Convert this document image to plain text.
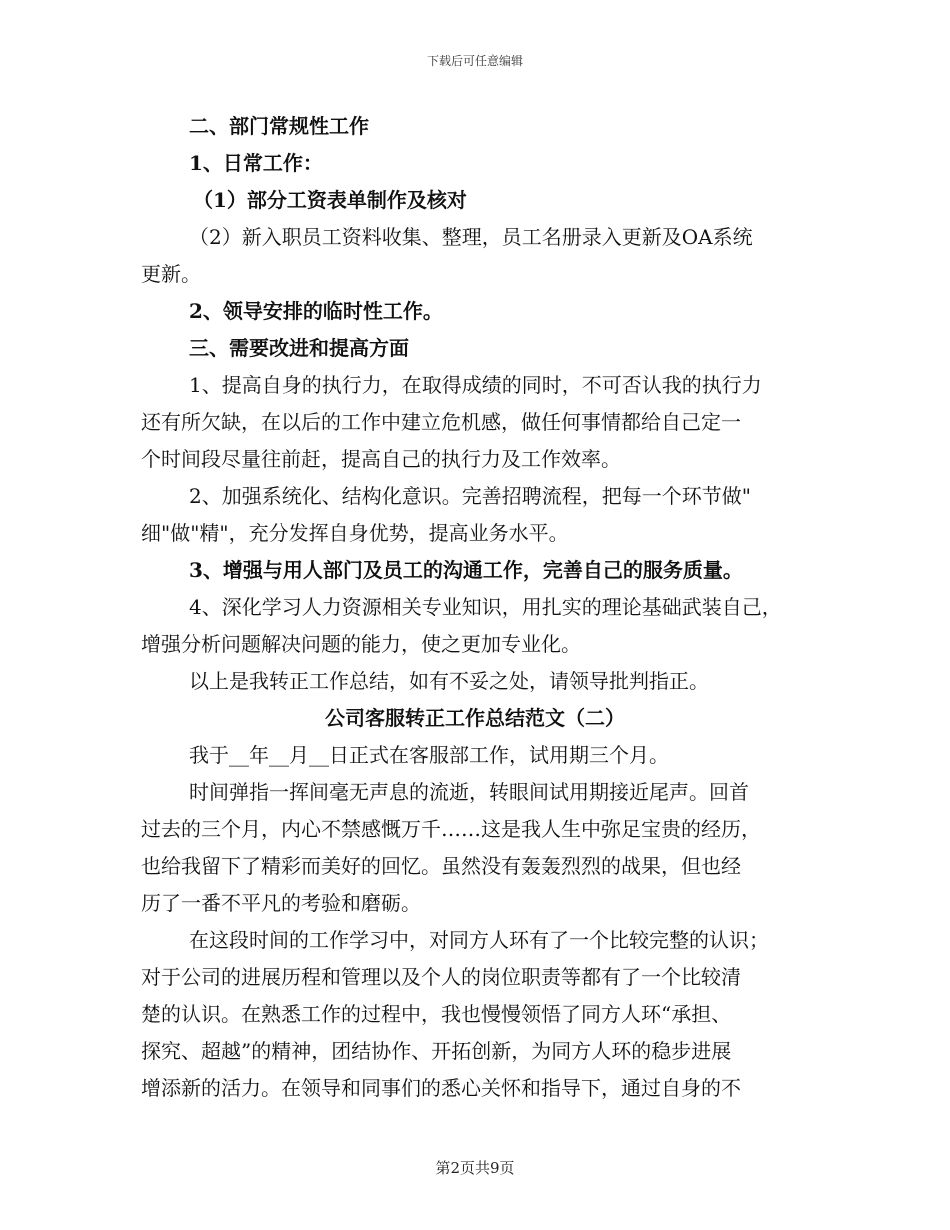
下载后可任意编辑
二、部门常规性工作
1、日常工作：
（1）部分工资表单制作及核对
（2）新入职员工资料收集、整理，员工名册录入更新及OA系统
更新。
2、领导安排的临时性工作。
三、需要改进和提高方面
1、提高自身的执行力，在取得成绩的同时，不可否认我的执行力
还有所欠缺，在以后的工作中建立危机感，做任何事情都给自己定一
个时间段尽量往前赶，提高自己的执行力及工作效率。
2、加强系统化、结构化意识。完善招聘流程，把每一个环节做"
细"做"精"，充分发挥自身优势，提高业务水平。
3、增强与用人部门及员工的沟通工作，完善自己的服务质量。
4、深化学习人力资源相关专业知识，用扎实的理论基础武装自己，
增强分析问题解决问题的能力，使之更加专业化。
以上是我转正工作总结，如有不妥之处，请领导批判指正。
公司客服转正工作总结范文（二）
我于__年__月__日正式在客服部工作，试用期三个月。
时间弹指一挥间毫无声息的流逝，转眼间试用期接近尾声。回首
过去的三个月，内心不禁感慨万千……这是我人生中弥足宝贵的经历，
也给我留下了精彩而美好的回忆。虽然没有轰轰烈烈的战果，但也经
历了一番不平凡的考验和磨砺。
在这段时间的工作学习中，对同方人环有了一个比较完整的认识；
对于公司的进展历程和管理以及个人的岗位职责等都有了一个比较清
楚的认识。在熟悉工作的过程中，我也慢慢领悟了同方人环“承担、
探究、超越”的精神，团结协作、开拓创新，为同方人环的稳步进展
增添新的活力。在领导和同事们的悉心关怀和指导下，通过自身的不
第2页共9页
